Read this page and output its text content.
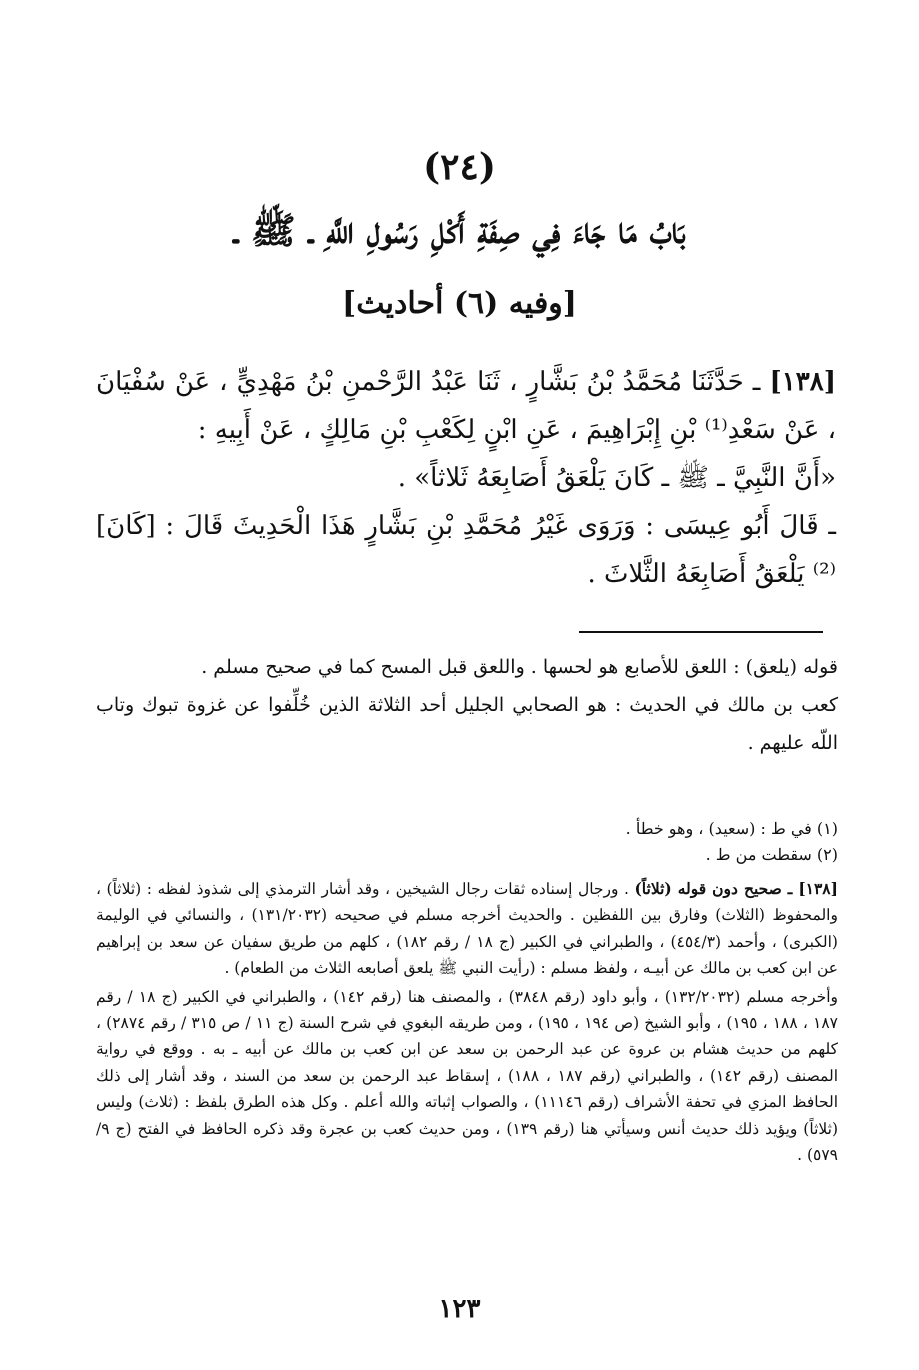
(٢٤)
بَابُ مَا جَاءَ فِي صِفَةِ أَكْلِ رَسُولِ اللَّهِ ـ ﷺ ـ
[وفيه (٦) أحاديث]

[١٣٨] ـ حَدَّثَنَا مُحَمَّدُ بْنُ بَشَّارٍ ، ثَنَا عَبْدُ الرَّحْمنِ بْنُ مَهْدِيٍّ ، عَنْ سُفْيَانَ ، عَنْ سَعْدِ⁽¹⁾ بْنِ إِبْرَاهِيمَ ، عَنِ ابْنٍ لِكَعْبِ بْنِ مَالِكٍ ، عَنْ أَبِيهِ :

«أَنَّ النَّبِيَّ ـ ﷺ ـ كَانَ يَلْعَقُ أَصَابِعَهُ ثَلاثاً» .

ـ قَالَ أَبُو عِيسَى : وَرَوَى غَيْرُ مُحَمَّدِ بْنِ بَشَّارٍ هَذَا الْحَدِيثَ قَالَ : [كَانَ]⁽²⁾ يَلْعَقُ أَصَابِعَهُ الثَّلاثَ .

قوله (يلعق) : اللعق للأصابع هو لحسها . واللعق قبل المسح كما في صحيح مسلم .

كعب بن مالك في الحديث : هو الصحابي الجليل أحد الثلاثة الذين خُلِّفوا عن غزوة تبوك وتاب اللّه عليهم .

(١) في ط : (سعيد) ، وهو خطأ .

(٢) سقطت من ط .

[١٣٨] ـ صحيح دون قوله (ثلاثاً) . ورجال إسناده ثقات رجال الشيخين ، وقد أشار الترمذي إلى شذوذ لفظه : (ثلاثاً) ، والمحفوظ (الثلاث) وفارق بين اللفظين . والحديث أخرجه مسلم في صحيحه (١٣١/٢٠٣٢) ، والنسائي في الوليمة (الكبرى) ، وأحمد (٤٥٤/٣) ، والطبراني في الكبير (ج ١٨ / رقم ١٨٢) ، كلهم من طريق سفيان عن سعد بن إبراهيم عن ابن كعب بن مالك عن أبيـه ، ولفظ مسلم : (رأيت النبي ﷺ يلعق أصابعه الثلاث من الطعام) .

وأخرجه مسلم (١٣٢/٢٠٣٢) ، وأبو داود (رقم ٣٨٤٨) ، والمصنف هنا (رقم ١٤٢) ، والطبراني في الكبير (ج ١٨ / رقم ١٨٧ ، ١٨٨ ، ١٩٥) ، وأبو الشيخ (ص ١٩٤ ، ١٩٥) ، ومن طريقه البغوي في شرح السنة (ج ١١ / ص ٣١٥ / رقم ٢٨٧٤) ، كلهم من حديث هشام بن عروة عن عبد الرحمن بن سعد عن ابن كعب بن مالك عن أبيه ـ به . ووقع في رواية المصنف (رقم ١٤٢) ، والطبراني (رقم ١٨٧ ، ١٨٨) ، إسقاط عبد الرحمن بن سعد من السند ، وقد أشار إلى ذلك الحافظ المزي في تحفة الأشراف (رقم ١١١٤٦) ، والصواب إثباته والله أعلم . وكل هذه الطرق بلفظ : (ثلاث) وليس (ثلاثاً) ويؤيد ذلك حديث أنس وسيأتي هنا (رقم ١٣٩) ، ومن حديث كعب بن عجرة وقد ذكره الحافظ في الفتح (ج ٩/ ٥٧٩) .

١٢٣
